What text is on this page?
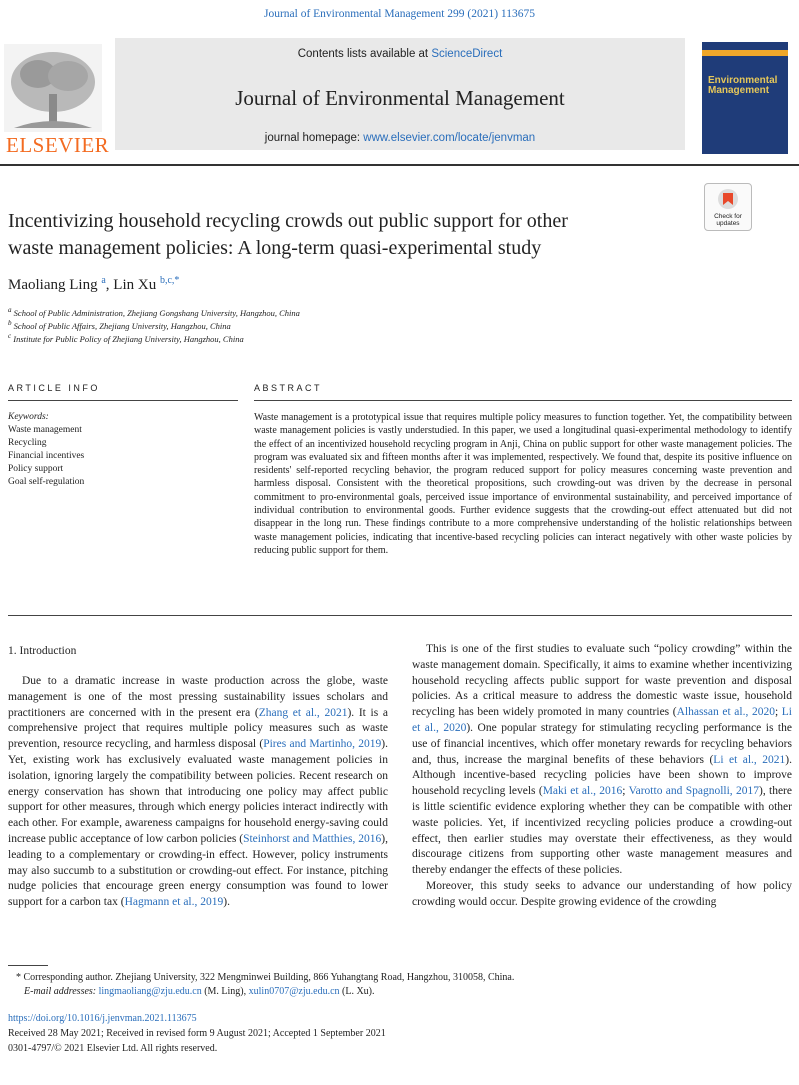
Journal of Environmental Management 299 (2021) 113675
ELSEVIER
Contents lists available at ScienceDirect
Journal of Environmental Management
journal homepage: www.elsevier.com/locate/jenvman
Environmental
Management
Incentivizing household recycling crowds out public support for other
waste management policies: A long-term quasi-experimental study
Check for
updates
Maoliang Ling $^a$, Lin Xu $^{b,c,*}$
$^a$ School of Public Administration, Zhejiang Gongshang University, Hangzhou, China
$^b$ School of Public Affairs, Zhejiang University, Hangzhou, China
$^c$ Institute for Public Policy of Zhejiang University, Hangzhou, China
ARTICLE INFO	ABSTRACT
Keywords:
Waste management
Recycling
Financial incentives
Policy support
Goal self-regulation
Waste management is a prototypical issue that requires multiple policy measures to function together. Yet, the compatibility between waste management policies is vastly understudied. In this paper, we used a longitudinal quasi-experimental methodology to identify the effect of an incentivized household recycling program in Anji, China on public support for other waste management policies. The program was evaluated six and fifteen months after it was implemented, respectively. We found that, despite its positive influence on residents' self-reported recycling behavior, the program reduced support for policy measures concerning waste prevention and harmless disposal. Consistent with the theoretical propositions, such crowding-out was driven by the decrease in personal commitment to pro-environmental goals, perceived issue importance of environmental sustainability, and perceived importance of individual contribution to environmental goods. Further evidence suggests that the crowding-out effect attenuated but did not disappear in the long run. These findings contribute to a more comprehensive understanding of the holistic relationships between waste management policies, indicating that incentive-based recycling policies can interact negatively with other waste policies by reducing public support for them.
1. Introduction

Due to a dramatic increase in waste production across the globe, waste management is one of the most pressing sustainability issues scholars and practitioners are concerned with in the present era (Zhang et al., 2021). It is a comprehensive project that requires multiple policy measures such as waste prevention, resource recycling, and harmless disposal (Pires and Martinho, 2019). Yet, existing work has exclusively evaluated waste management policies in isolation, ignoring largely the compatibility between policies. Recent research on energy conservation has shown that introducing one policy may affect public support for other measures, through which energy policies interact indirectly with each other. For example, awareness campaigns for household energy-saving could increase public acceptance of low carbon policies (Steinhorst and Matthies, 2016), leading to a complementary or crowding-in effect. However, policy instruments may also succumb to a substitution or crowding-out effect. For instance, pitching nudge policies that encourage green energy consumption was found to lower support for a carbon tax (Hagmann et al., 2019).

This is one of the first studies to evaluate such “policy crowding” within the waste management domain. Specifically, it aims to examine whether incentivizing household recycling affects public support for waste prevention and disposal policies. As a critical measure to address the domestic waste issue, household recycling has been widely promoted in many countries (Alhassan et al., 2020; Li et al., 2020). One popular strategy for stimulating recycling performance is the use of financial incentives, which offer monetary rewards for recycling behaviors and, thus, increase the marginal benefits of these behaviors (Li et al., 2021). Although incentive-based recycling policies have been shown to improve household recycling levels (Maki et al., 2016; Varotto and Spagnolli, 2017), there is little scientific evidence exploring whether they can be compatible with other waste policies. Yet, if incentivized recycling policies produce a crowding-out effect, then earlier studies may overstate their effectiveness, as they would discourage citizens from supporting other waste management measures and thereby endanger the effects of these policies.

Moreover, this study seeks to advance our understanding of how policy crowding would occur. Despite growing evidence of the crowding

* Corresponding author. Zhejiang University, 322 Mengminwei Building, 866 Yuhangtang Road, Hangzhou, 310058, China.
E-mail addresses: lingmaoliang@zju.edu.cn (M. Ling), xulin0707@zju.edu.cn (L. Xu).
https://doi.org/10.1016/j.jenvman.2021.113675
Received 28 May 2021; Received in revised form 9 August 2021; Accepted 1 September 2021
0301-4797/© 2021 Elsevier Ltd. All rights reserved.
